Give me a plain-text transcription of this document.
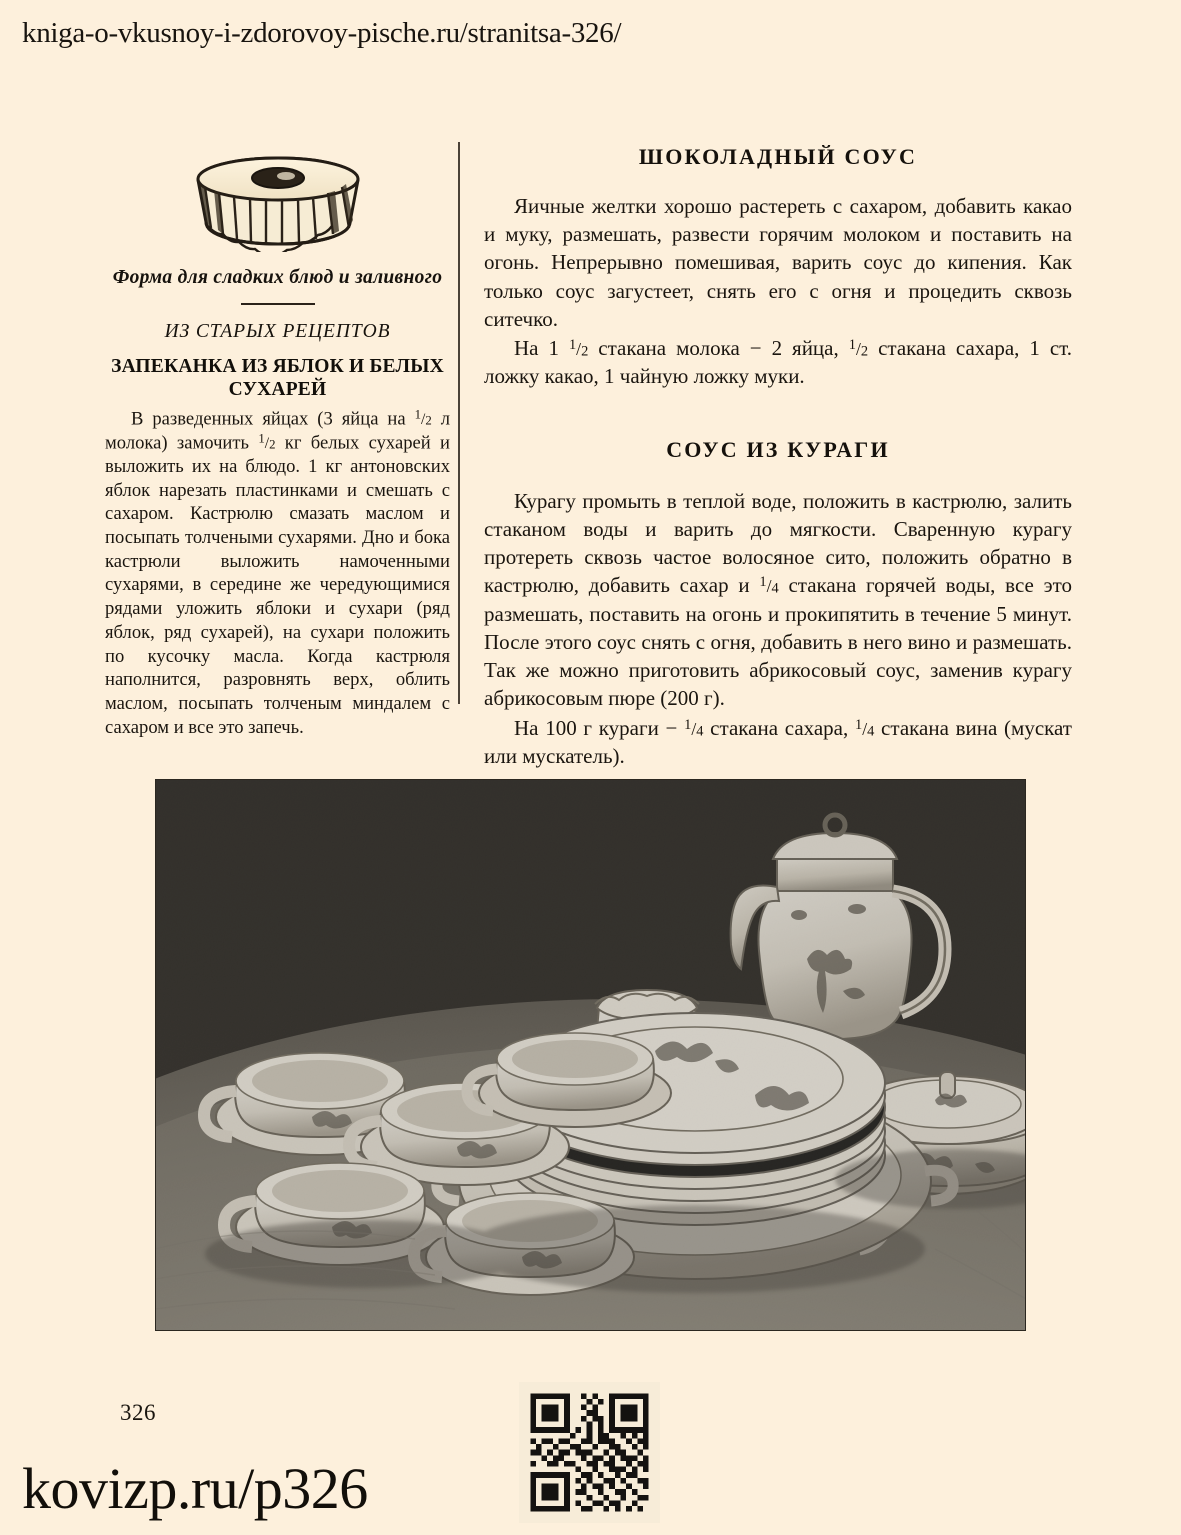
kniga-o-vkusnoy-i-zdorovoy-pische.ru/stranitsa-326/
Форма для сладких блюд и заливного
ИЗ СТАРЫХ РЕЦЕПТОВ
ЗАПЕКАНКА ИЗ ЯБЛОК И БЕЛЫХ СУХАРЕЙ
В разведенных яйцах (3 яйца на $^1$/2 л молока) замочить $^1$/2 кг белых сухарей и выложить их на блюдо. 1 кг антоновских яблок нарезать пластинками и смешать с сахаром. Кастрюлю смазать маслом и посыпать толчеными сухарями. Дно и бока кастрюли выложить намоченными сухарями, в середине же чередующимися рядами уложить яблоки и сухари (ряд яблок, ряд сухарей), на сухари положить по кусочку масла. Когда кастрюля наполнится, разровнять верх, облить маслом, посыпать толченым миндалем с сахаром и все это запечь.
ШОКОЛАДНЫЙ СОУС

Яичные желтки хорошо растереть с сахаром, добавить какао и муку, размешать, развести горячим молоком и поставить на огонь. Непрерывно помешивая, варить соус до кипения. Как только соус загустеет, снять его с огня и процедить сквозь ситечко.

На 1 $^1$/2 стакана молока − 2 яйца, $^1$/2 стакана сахара, 1 ст. ложку какао, 1 чайную ложку муки.

СОУС ИЗ КУРАГИ

Курагу промыть в теплой воде, положить в кастрюлю, залить стаканом воды и варить до мягкости. Сваренную курагу протереть сквозь частое волосяное сито, положить обратно в кастрюлю, добавить сахар и $^1$/4 стакана горячей воды, все это размешать, поставить на огонь и прокипятить в течение 5 минут. После этого соус снять с огня, добавить в него вино и размешать. Так же можно приготовить абрикосовый соус, заменив курагу абрикосовым пюре (200 г).

На 100 г кураги − $^1$/4 стакана сахара, $^1$/4 стакана вина (мускат или мускатель).

326
kovizp.ru/p326
